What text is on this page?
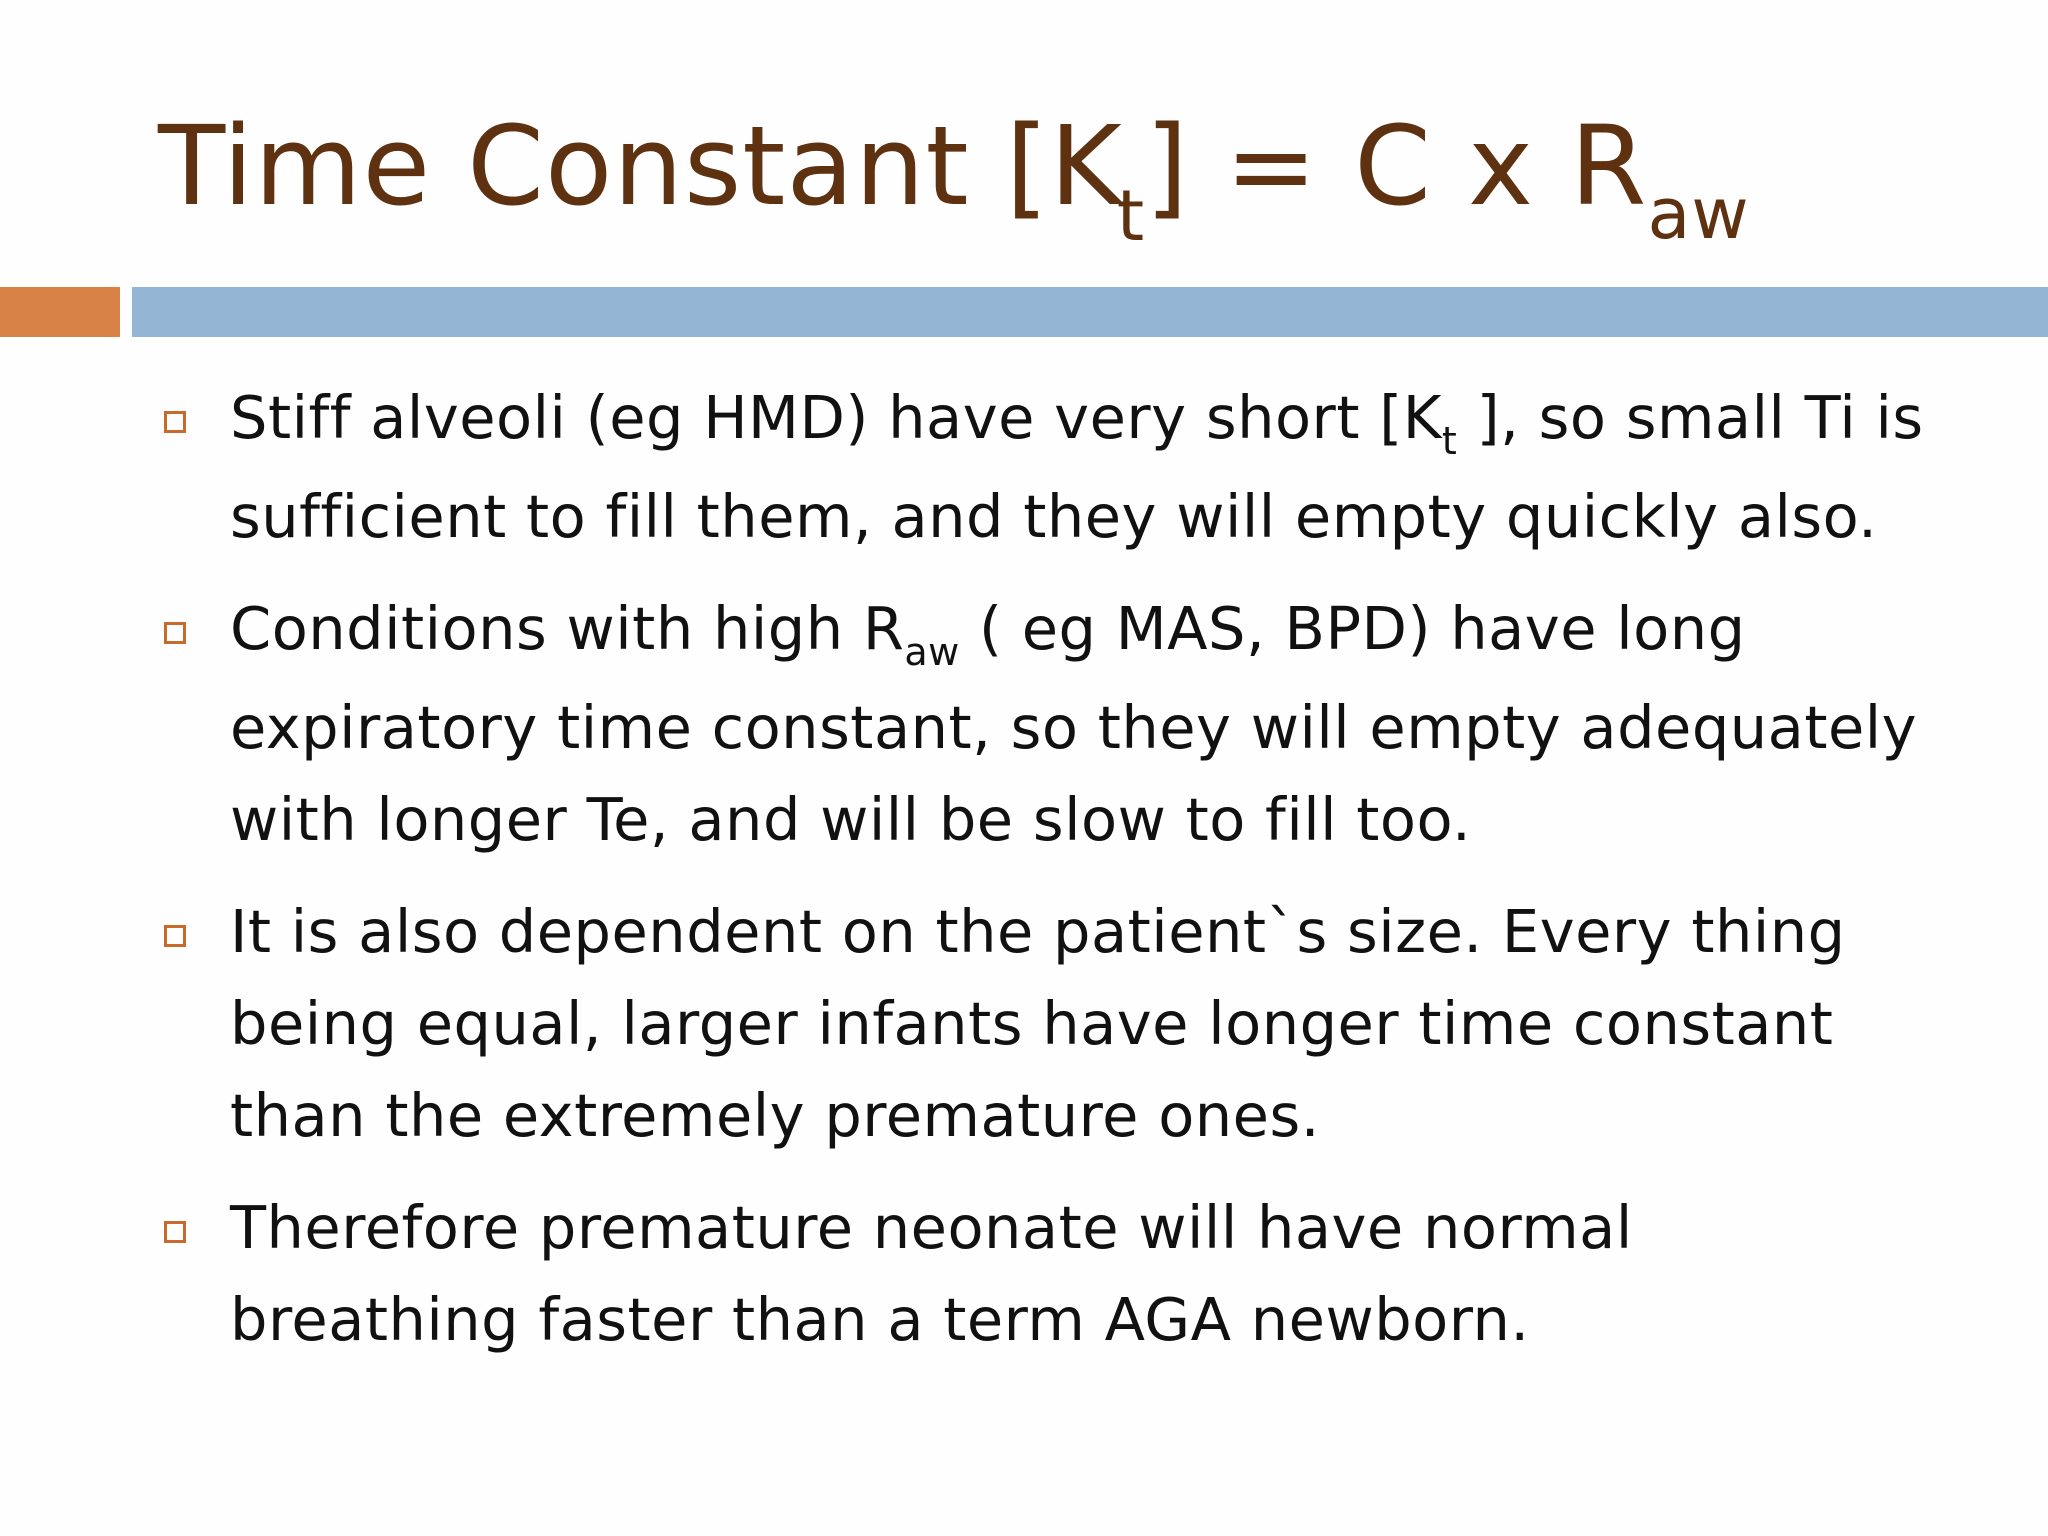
Time Constant $[K_t] = C$ x $R_{aw}$
Stiff alveoli (eg HMD) have very short [$K_t$ ], so small Ti is
sufficient to fill them, and they will empty quickly also.
Conditions with high $R_{aw}$ ( eg MAS, BPD) have long
expiratory time constant, so they will empty adequately
with longer Te, and will be slow to fill too.
It is also dependent on the patient`s size. Every thing
being equal, larger infants have longer time constant
than the extremely premature ones.
Therefore premature neonate will have normal
breathing faster than a term AGA newborn.
